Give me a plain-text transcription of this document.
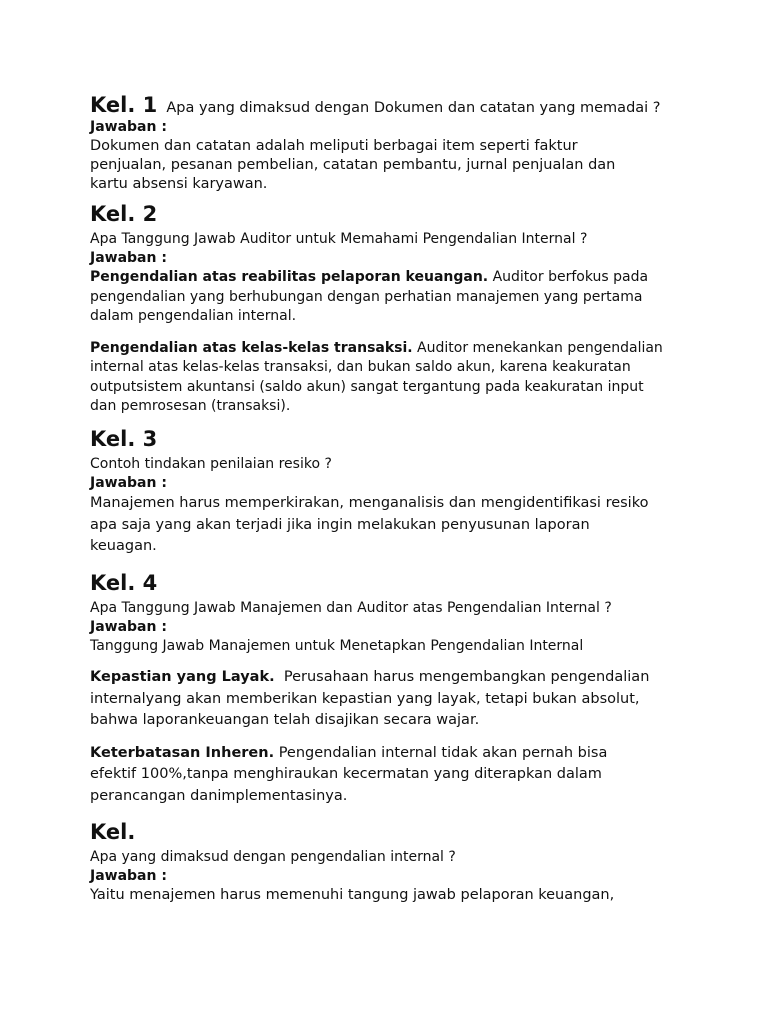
Kel. 1 Apa yang dimaksud dengan Dokumen dan catatan yang memadai ?
Jawaban :
Dokumen dan catatan adalah meliputi berbagai item seperti faktur
penjualan, pesanan pembelian, catatan pembantu, jurnal penjualan dan
kartu absensi karyawan.
Kel. 2
Apa Tanggung Jawab Auditor untuk Memahami Pengendalian Internal ?
Jawaban :
Pengendalian atas reabilitas pelaporan keuangan. Auditor berfokus pada
pengendalian yang berhubungan dengan perhatian manajemen yang pertama
dalam pengendalian internal.
Pengendalian atas kelas-kelas transaksi. Auditor menekankan pengendalian
internal atas kelas-kelas transaksi, dan bukan saldo akun, karena keakuratan
outputsistem akuntansi (saldo akun) sangat tergantung pada keakuratan input
dan pemrosesan (transaksi).
Kel. 3
Contoh tindakan penilaian resiko ?
Jawaban :
Manajemen harus memperkirakan, menganalisis dan mengidentifikasi resiko
apa saja yang akan terjadi jika ingin melakukan penyusunan laporan
keuagan.
Kel. 4
Apa Tanggung Jawab Manajemen dan Auditor atas Pengendalian Internal ?
Jawaban :
Tanggung Jawab Manajemen untuk Menetapkan Pengendalian Internal
Kepastian yang Layak.  Perusahaan harus mengembangkan pengendalian
internalyang akan memberikan kepastian yang layak, tetapi bukan absolut,
bahwa laporankeuangan telah disajikan secara wajar.
Keterbatasan Inheren. Pengendalian internal tidak akan pernah bisa
efektif 100%,tanpa menghiraukan kecermatan yang diterapkan dalam
perancangan danimplementasinya.
Kel.
Apa yang dimaksud dengan pengendalian internal ?
Jawaban :
Yaitu menajemen harus memenuhi tangung jawab pelaporan keuangan,
